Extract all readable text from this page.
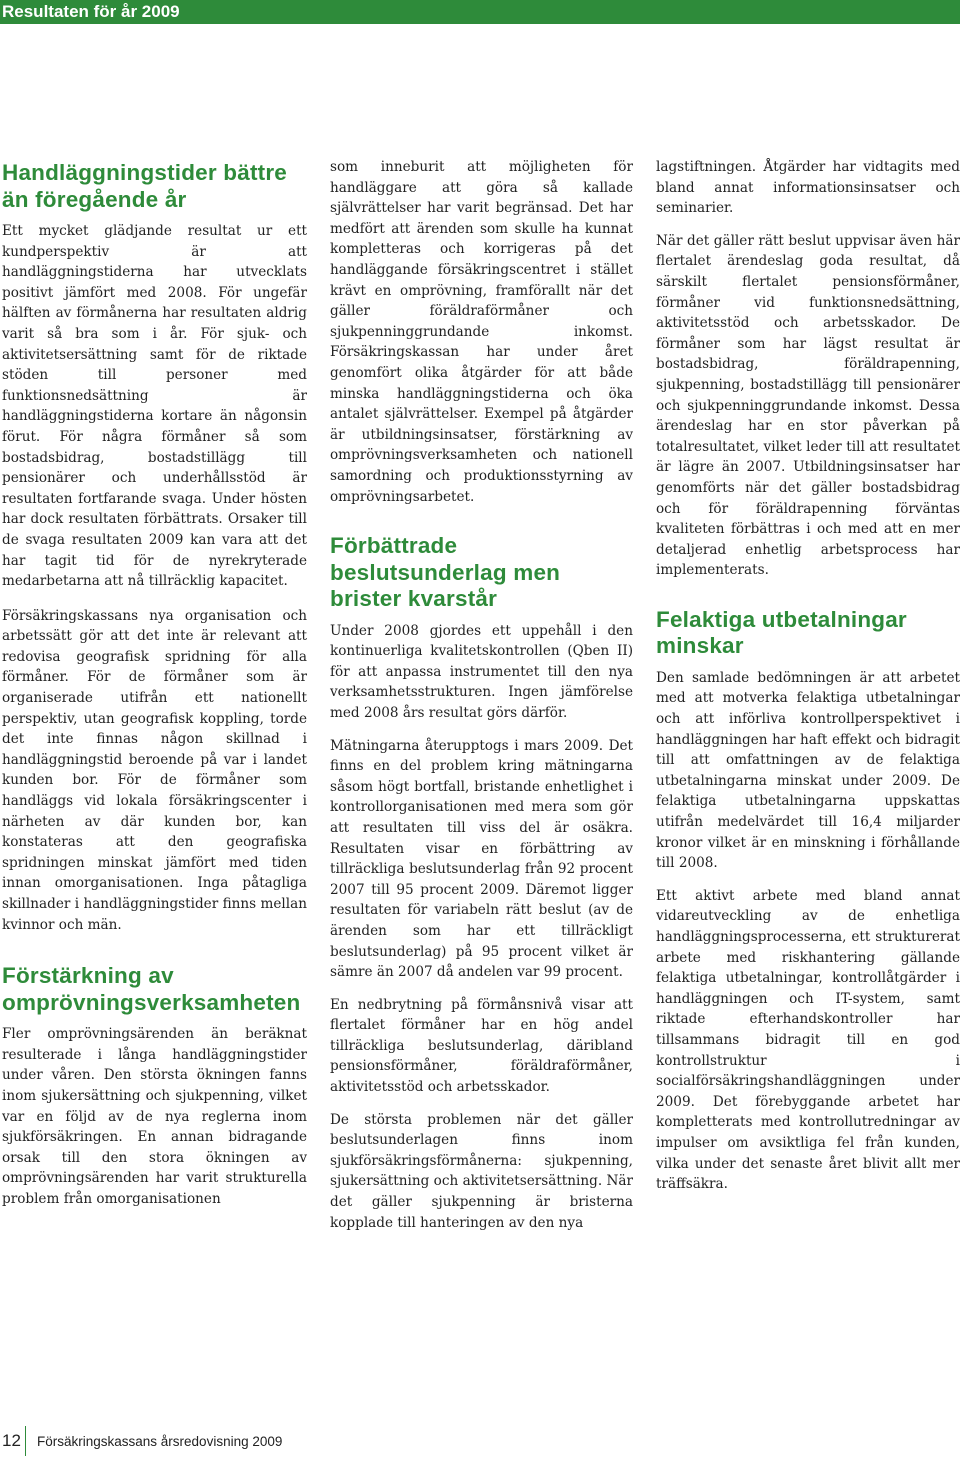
Resultaten för år 2009
Handläggningstider bättre än föregående år

Ett mycket glädjande resultat ur ett kundperspektiv är att handläggningstiderna har utvecklats positivt jämfört med 2008. För ungefär hälften av förmånerna har resultaten aldrig varit så bra som i år. För sjuk- och aktivitetsersättning samt för de riktade stöden till personer med funktionsnedsättning är handläggningstiderna kortare än någonsin förut. För några förmåner så som bostadsbidrag, bostadstillägg till pensionärer och underhållsstöd är resultaten fortfarande svaga. Under hösten har dock resultaten förbättrats. Orsaker till de svaga resultaten 2009 kan vara att det har tagit tid för de nyrekryterade medarbetarna att nå tillräcklig kapacitet.

Försäkringskassans nya organisation och arbetssätt gör att det inte är relevant att redovisa geografisk spridning för alla förmåner. För de förmåner som är organiserade utifrån ett nationellt perspektiv, utan geografisk koppling, torde det inte finnas någon skillnad i handläggningstid beroende på var i landet kunden bor. För de förmåner som handläggs vid lokala försäkringscenter i närheten av där kunden bor, kan konstateras att den geografiska spridningen minskat jämfört med tiden innan omorganisationen. Inga påtagliga skillnader i handläggningstider finns mellan kvinnor och män.

Förstärkning av omprövningsverksamheten

Fler omprövningsärenden än beräknat resulterade i långa handläggningstider under våren. Den största ökningen fanns inom sjukersättning och sjukpenning, vilket var en följd av de nya reglerna inom sjukförsäkringen. En annan bidragande orsak till den stora ökningen av omprövningsärenden har varit strukturella problem från omorganisationen

som inneburit att möjligheten för handläggare att göra så kallade självrättelser har varit begränsad. Det har medfört att ärenden som skulle ha kunnat kompletteras och korrigeras på det handläggande försäkringscentret i stället krävt en omprövning, framförallt när det gäller föräldraförmåner och sjukpenninggrundande inkomst. Försäkringskassan har under året genomfört olika åtgärder för att både minska handläggningstiderna och öka antalet självrättelser. Exempel på åtgärder är utbildningsinsatser, förstärkning av omprövningsverksamheten och nationell samordning och produktionsstyrning av omprövningsarbetet.

Förbättrade beslutsunderlag men brister kvarstår

Under 2008 gjordes ett uppehåll i den kontinuerliga kvalitetskontrollen (Qben II) för att anpassa instrumentet till den nya verksamhetsstrukturen. Ingen jämförelse med 2008 års resultat görs därför.

Mätningarna återupptogs i mars 2009. Det finns en del problem kring mätningarna såsom högt bortfall, bristande enhetlighet i kontrollorganisationen med mera som gör att resultaten till viss del är osäkra. Resultaten visar en förbättring av tillräckliga beslutsunderlag från 92 procent 2007 till 95 procent 2009. Däremot ligger resultaten för variabeln rätt beslut (av de ärenden som har ett tillräckligt beslutsunderlag) på 95 procent vilket är sämre än 2007 då andelen var 99 procent.

En nedbrytning på förmånsnivå visar att flertalet förmåner har en hög andel tillräckliga beslutsunderlag, däribland pensionsförmåner, föräldraförmåner, aktivitetsstöd och arbetsskador.

De största problemen när det gäller beslutsunderlagen finns inom sjukförsäkringsförmånerna: sjukpenning, sjukersättning och aktivitetsersättning. När det gäller sjukpenning är bristerna kopplade till hanteringen av den nya

lagstiftningen. Åtgärder har vidtagits med bland annat informationsinsatser och seminarier.

När det gäller rätt beslut uppvisar även här flertalet ärendeslag goda resultat, då särskilt flertalet pensionsförmåner, förmåner vid funktionsnedsättning, aktivitetsstöd och arbetsskador. De förmåner som har lägst resultat är bostadsbidrag, föräldrapenning, sjukpenning, bostadstillägg till pensionärer och sjukpenninggrundande inkomst. Dessa ärendeslag har en stor påverkan på totalresultatet, vilket leder till att resultatet är lägre än 2007. Utbildningsinsatser har genomförts när det gäller bostadsbidrag och för föräldrapenning förväntas kvaliteten förbättras i och med att en mer detaljerad enhetlig arbetsprocess har implementerats.

Felaktiga utbetalningar minskar

Den samlade bedömningen är att arbetet med att motverka felaktiga utbetalningar och att införliva kontrollperspektivet i handläggningen har haft effekt och bidragit till att omfattningen av de felaktiga utbetalningarna minskat under 2009. De felaktiga utbetalningarna uppskattas utifrån medelvärdet till 16,4 miljarder kronor vilket är en minskning i förhållande till 2008.

Ett aktivt arbete med bland annat vidareutveckling av de enhetliga handläggningsprocesserna, ett strukturerat arbete med riskhantering gällande felaktiga utbetalningar, kontrollåtgärder i handläggningen och IT-system, samt riktade efterhandskontroller har tillsammans bidragit till en god kontrollstruktur i socialförsäkringshandläggningen under 2009. Det förebyggande arbetet har kompletterats med kontrollutredningar av impulser om avsiktliga fel från kunden, vilka under det senaste året blivit allt mer träffsäkra.

12 Försäkringskassans årsredovisning 2009
